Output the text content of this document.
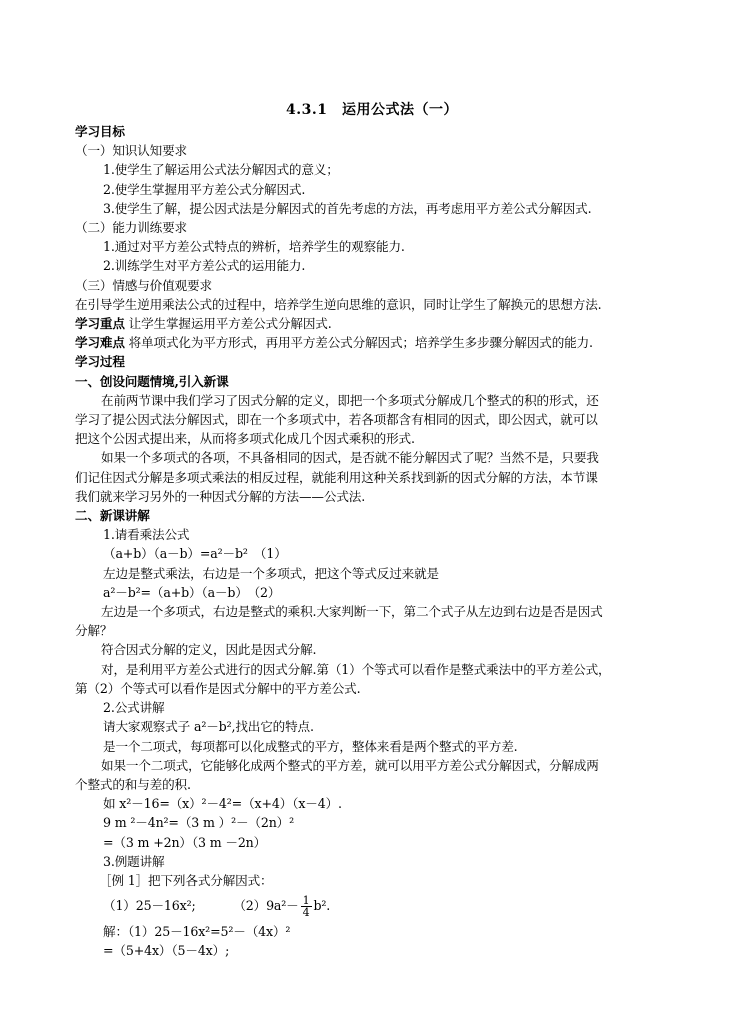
4.3.1　运用公式法（一）
学习目标
（一）知识认知要求
1.使学生了解运用公式法分解因式的意义；
2.使学生掌握用平方差公式分解因式.
3.使学生了解，提公因式法是分解因式的首先考虑的方法，再考虑用平方差公式分解因式.
（二）能力训练要求
1.通过对平方差公式特点的辨析，培养学生的观察能力.
2.训练学生对平方差公式的运用能力.
（三）情感与价值观要求
在引导学生逆用乘法公式的过程中，培养学生逆向思维的意识，同时让学生了解换元的思想方法.
学习重点 让学生掌握运用平方差公式分解因式.
学习难点 将单项式化为平方形式，再用平方差公式分解因式；培养学生多步骤分解因式的能力.
学习过程
一、创设问题情境,引入新课
在前两节课中我们学习了因式分解的定义，即把一个多项式分解成几个整式的积的形式，还
学习了提公因式法分解因式，即在一个多项式中，若各项都含有相同的因式，即公因式，就可以
把这个公因式提出来，从而将多项式化成几个因式乘积的形式.
如果一个多项式的各项，不具备相同的因式，是否就不能分解因式了呢？当然不是，只要我
们记住因式分解是多项式乘法的相反过程，就能利用这种关系找到新的因式分解的方法，本节课
我们就来学习另外的一种因式分解的方法——公式法.
二、新课讲解
1.请看乘法公式
（a+b）（a－b）=a²－b²　（1）
左边是整式乘法，右边是一个多项式，把这个等式反过来就是
a²－b²=（a+b）（a－b）　（2）
左边是一个多项式，右边是整式的乘积.大家判断一下，第二个式子从左边到右边是否是因式
分解？
符合因式分解的定义，因此是因式分解.
对，是利用平方差公式进行的因式分解.第（1）个等式可以看作是整式乘法中的平方差公式，
第（2）个等式可以看作是因式分解中的平方差公式.
2.公式讲解
请大家观察式子 a²－b²,找出它的特点.
是一个二项式，每项都可以化成整式的平方，整体来看是两个整式的平方差.
如果一个二项式，它能够化成两个整式的平方差，就可以用平方差公式分解因式，分解成两
个整式的和与差的积.
如 x²－16=（x）²－4²=（x+4）（x－4）.
9 m ²－4n²=（3 m ）²－（2n）²
=（3 m +2n）（3 m －2n）
3.例题讲解
［例 1］把下列各式分解因式：
（1）25－16x²;	$(2)9a^2- \frac{1}{4} b^2$.
解：（1）25－16x²=5²－（4x）²
=（5+4x）（5－4x）;
